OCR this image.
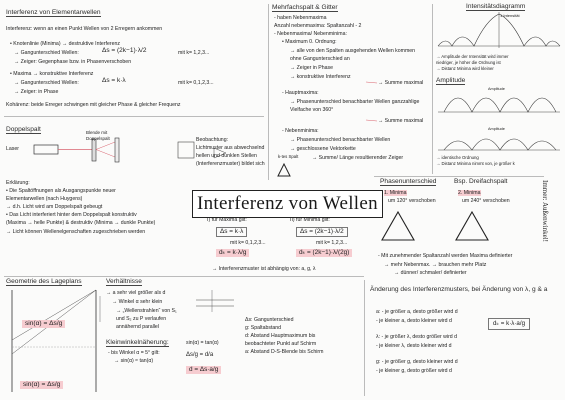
Interferenz von Elementarwellen
Interferenz: wenn an einen Punkt Wellen von 2 Erregern ankommen
• Knotenlinie (Minima) → destruktive Interferenz
→ Gangunterschied Wellen:	Δs = (2k−1)·λ/2	mit k= 1,2,3...
→ Zeiger: Gegenphase bzw. in Phasenverschoben
• Maxima → konstruktive Interferenz
→ Gangunterschied Wellen:	Δs = k·λ	mit k= 0,1,2,3...
→ Zeiger: in Phase
Kohärenz: beide Erreger schwingen mit gleicher Phase & gleicher Frequenz
Doppelspalt
Laser
Blende mit Doppelspalt	Beobachtung:
Lichtmuster aus abwechselnd
hellen und dunklen Stellen
(Interferenzmuster) bildet sich
Erklärung:
• Die Spaltöffnungen als Ausgangspunkte neuer
Elementarwellen (nach Huygens)
→ d.h. Licht wird am Doppelspalt gebeugt
• Das Licht interferiert hinter dem Doppelspalt konstruktiv
(Maxima → helle Punkte) & destruktiv (Minima → dunkle Punkte)
→ Licht können Wellenelgenschaften zugeschrieben werden
Mehrfachspalt & Gitter
- haben Nebenmaxima
Anzahl nebenmaxima: Spaltanzahl - 2
- Nebenmaxima/ Nebenminima:
• Maximum 0. Ordnung:
→ alle von den Spalten ausgehenden Wellen kommen
ohne Gangunterschied an
→ Zeiger in Phase
→ konstruktive Interferenz
→ Summe maximal
- Hauptmaxima:
→ Phasenunterschied benachbarter Wellen ganzzahlige
Vielfache von 360°
→ Summe maximal
- Nebenminima:
→ Phasenunterschied benachbarter Wellen
→ geschlossene Vektorkette
→ Summe/ Länge resultierender Zeiger
k-tes Spalt
Intensitätsdiagramm
1 Intensität
→ Amplitude der Intensität wird immer
niedriger, je höher die Ordnung ist
→ Distanz Minima wird kleiner
Amplitude
Amplitude
Amplitude
→ identische Ordnung
→ Distanz Minima nimmt von, je größer k
Interferenz von Wellen
Phasenunterschied	Bsp. Dreifachspalt
1. Minima
um 120° verschoben
2. Minima
um 240° verschoben	Immer: Außenwinkel!
- Mit zunehmender Spaltanzahl werden Maxima definierter
→ mehr Nebenmax. → brauchen mehr Platz
→ dünner/ schmaler/ definierter
I) für Maxima gilt:
Δs = k·λ
mit k= 0,1,2,3...
dₖ = k·λ/g
II) für Minima gilt:
Δs = (2k−1)·λ/2
mit k= 1,2,3...
dₖ = (2k−1)·λ/(2g)
→ Interferenzmuster ist abhängig von: a, g, λ
Geometrie des Lageplans
sin(α) = Δs/g
sin(α) = Δs/g
Verhältnisse
→ a sehr viel größer als d
→ Winkel α sehr klein
→ „Wellenstrahlen“ von S₁
und S₂ zu P verlaufen
annähernd parallel
Kleinwinkelnäherung:
- bis Winkel α = 5° gilt:
→ sin(α) ≈ tan(α)
sin(α) = tan(α)
Δs/g = d/a
d = Δs·a/g
Δs: Gangunterschied
g: Spaltabstand
d: Abstand Hauptmaximum bis
beobachteter Punkt auf Schirm
a: Abstand D-S-Blende bis Schirm
Änderung des Interferenzmusters, bei Änderung von λ, g & a
dₖ = k·λ·a/g
a: - je größer a, desto größer wird d
- je kleiner a, desto kleiner wird d
λ: - je größer λ, desto größer wird d
- je kleiner λ, desto kleiner wird d
g: - je größer g, desto kleiner wird d
- je kleiner g, desto größer wird d
